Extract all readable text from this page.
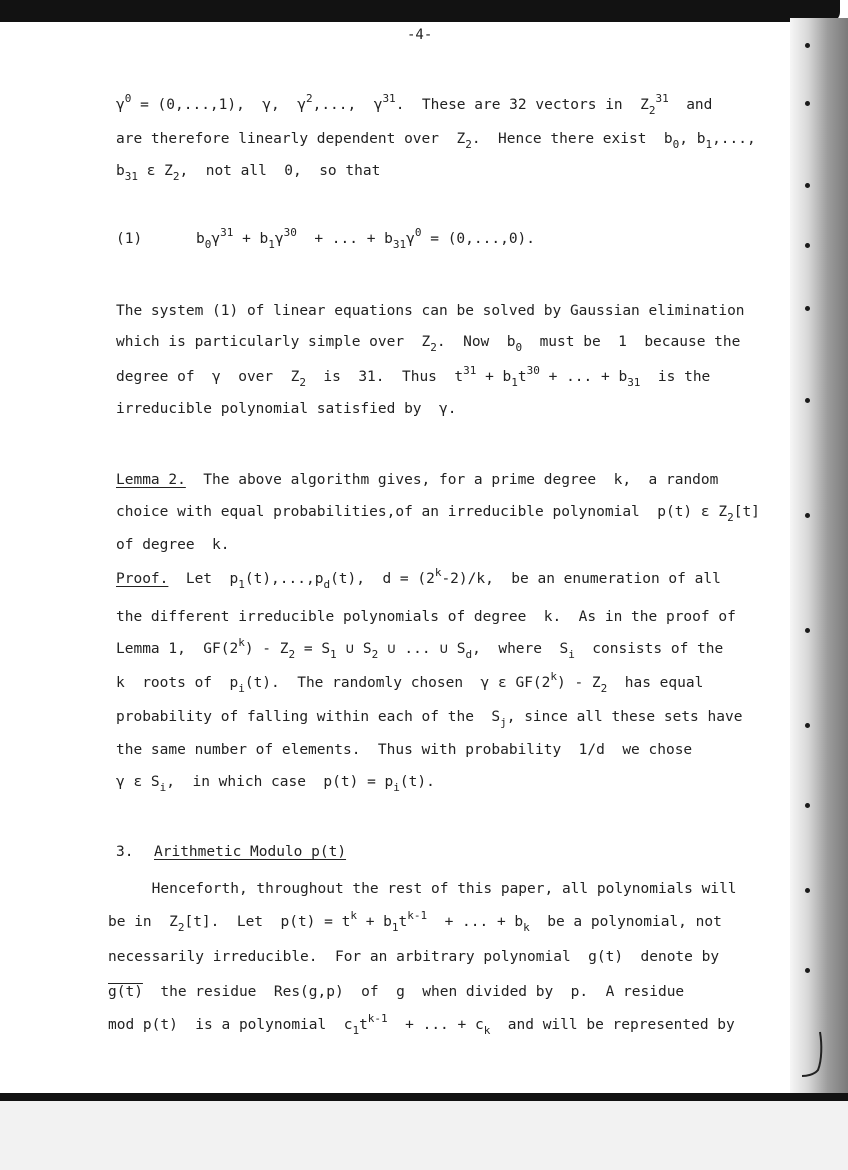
-4-
$\gamma^0 = (0,...,1)$,  γ,  $\gamma^2$,...,  $\gamma^{31}$.  These are 32 vectors in  $Z_2^{31}$  and
are therefore linearly dependent over  $Z_2$.  Hence there exist  $b_0$, $b_1$,...,
$b_{31}$ ε $Z_2$,  not all  0,  so that
(1)	$b_0\gamma^{31} + b_1\gamma^{30}$  + ... + $b_{31}\gamma^0 = (0,...,0)$.
The system (1) of linear equations can be solved by Gaussian elimination
which is particularly simple over  $Z_2$.  Now  $b_0$  must be  1  because the
degree of  γ  over  $Z_2$  is  31.  Thus  $t^{31} + b_1t^{30}$ + ... + $b_{31}$  is the
irreducible polynomial satisfied by  γ.
Lemma 2.  The above algorithm gives, for a prime degree  k,  a random
choice with equal probabilities,of an irreducible polynomial  p(t) ε $Z_2[t]$
of degree  k.
Proof.  Let  $p_1(t),...,p_d(t)$,  $d = (2^k-2)/k$,  be an enumeration of all
the different irreducible polynomials of degree  k.  As in the proof of
Lemma 1,  $GF(2^k) - Z_2 = S_1$ ∪ $S_2$ ∪ ... ∪ $S_d$,  where  $S_i$  consists of the
k  roots of  $p_i(t)$.  The randomly chosen  γ ε $GF(2^k) - Z_2$  has equal
probability of falling within each of the  $S_j$, since all these sets have
the same number of elements.  Thus with probability  1/d  we chose
γ ε $S_i$,  in which case  $p(t) = p_i(t)$.
3. Arithmetic Modulo p(t)
Henceforth, throughout the rest of this paper, all polynomials will
be in  $Z_2[t]$.  Let  $p(t) = t^k + b_1t^{k-1}$  + ... + $b_k$  be a polynomial, not
necessarily irreducible.  For an arbitrary polynomial  g(t)  denote by
g(t)  the residue  Res(g,p)  of  g  when divided by  p.  A residue
mod p(t)  is a polynomial  $c_1t^{k-1}$  + ... + $c_k$  and will be represented by
